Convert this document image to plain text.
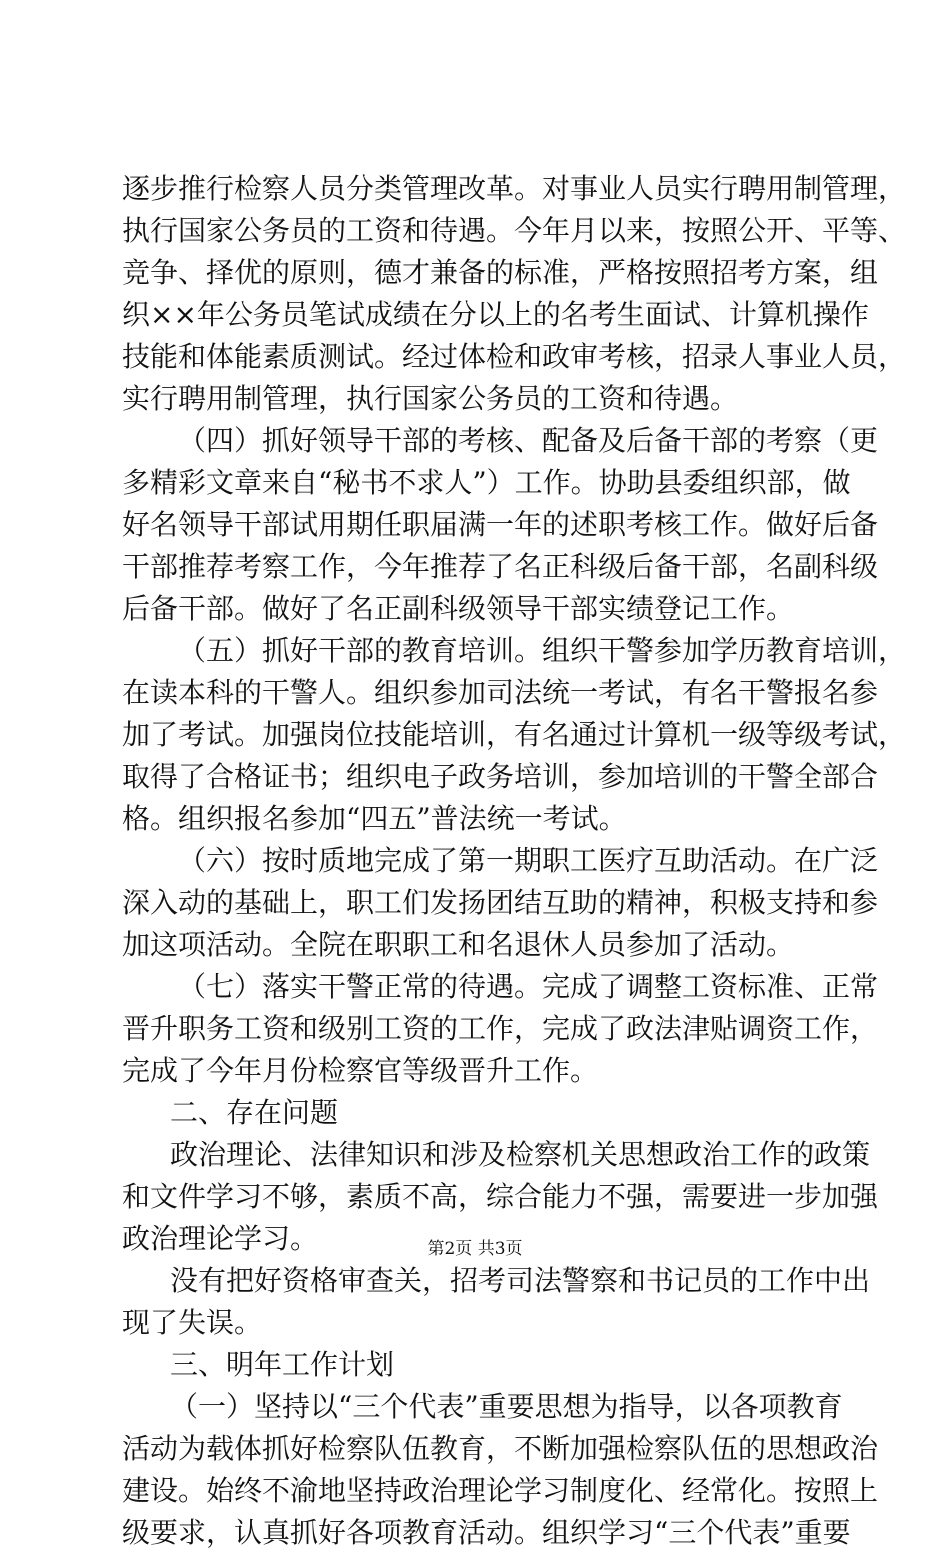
逐步推行检察人员分类管理改革。对事业人员实行聘用制管理，
执行国家公务员的工资和待遇。今年月以来，按照公开、平等、
竞争、择优的原则，德才兼备的标准，严格按照招考方案，组
织××年公务员笔试成绩在分以上的名考生面试、计算机操作
技能和体能素质测试。经过体检和政审考核，招录人事业人员，
实行聘用制管理，执行国家公务员的工资和待遇。
（四）抓好领导干部的考核、配备及后备干部的考察（更
多精彩文章来自“秘书不求人”）工作。协助县委组织部，做
好名领导干部试用期任职届满一年的述职考核工作。做好后备
干部推荐考察工作，今年推荐了名正科级后备干部，名副科级
后备干部。做好了名正副科级领导干部实绩登记工作。
（五）抓好干部的教育培训。组织干警参加学历教育培训，
在读本科的干警人。组织参加司法统一考试，有名干警报名参
加了考试。加强岗位技能培训，有名通过计算机一级等级考试，
取得了合格证书；组织电子政务培训，参加培训的干警全部合
格。组织报名参加“四五”普法统一考试。
（六）按时质地完成了第一期职工医疗互助活动。在广泛
深入动的基础上，职工们发扬团结互助的精神，积极支持和参
加这项活动。全院在职职工和名退休人员参加了活动。
（七）落实干警正常的待遇。完成了调整工资标准、正常
晋升职务工资和级别工资的工作，完成了政法津贴调资工作，
完成了今年月份检察官等级晋升工作。
二、存在问题
政治理论、法律知识和涉及检察机关思想政治工作的政策
和文件学习不够，素质不高，综合能力不强，需要进一步加强
政治理论学习。
没有把好资格审查关，招考司法警察和书记员的工作中出
现了失误。
三、明年工作计划
（一）坚持以“三个代表”重要思想为指导，以各项教育
活动为载体抓好检察队伍教育，不断加强检察队伍的思想政治
建设。始终不渝地坚持政治理论学习制度化、经常化。按照上
级要求，认真抓好各项教育活动。组织学习“三个代表”重要
第2页 共3页
